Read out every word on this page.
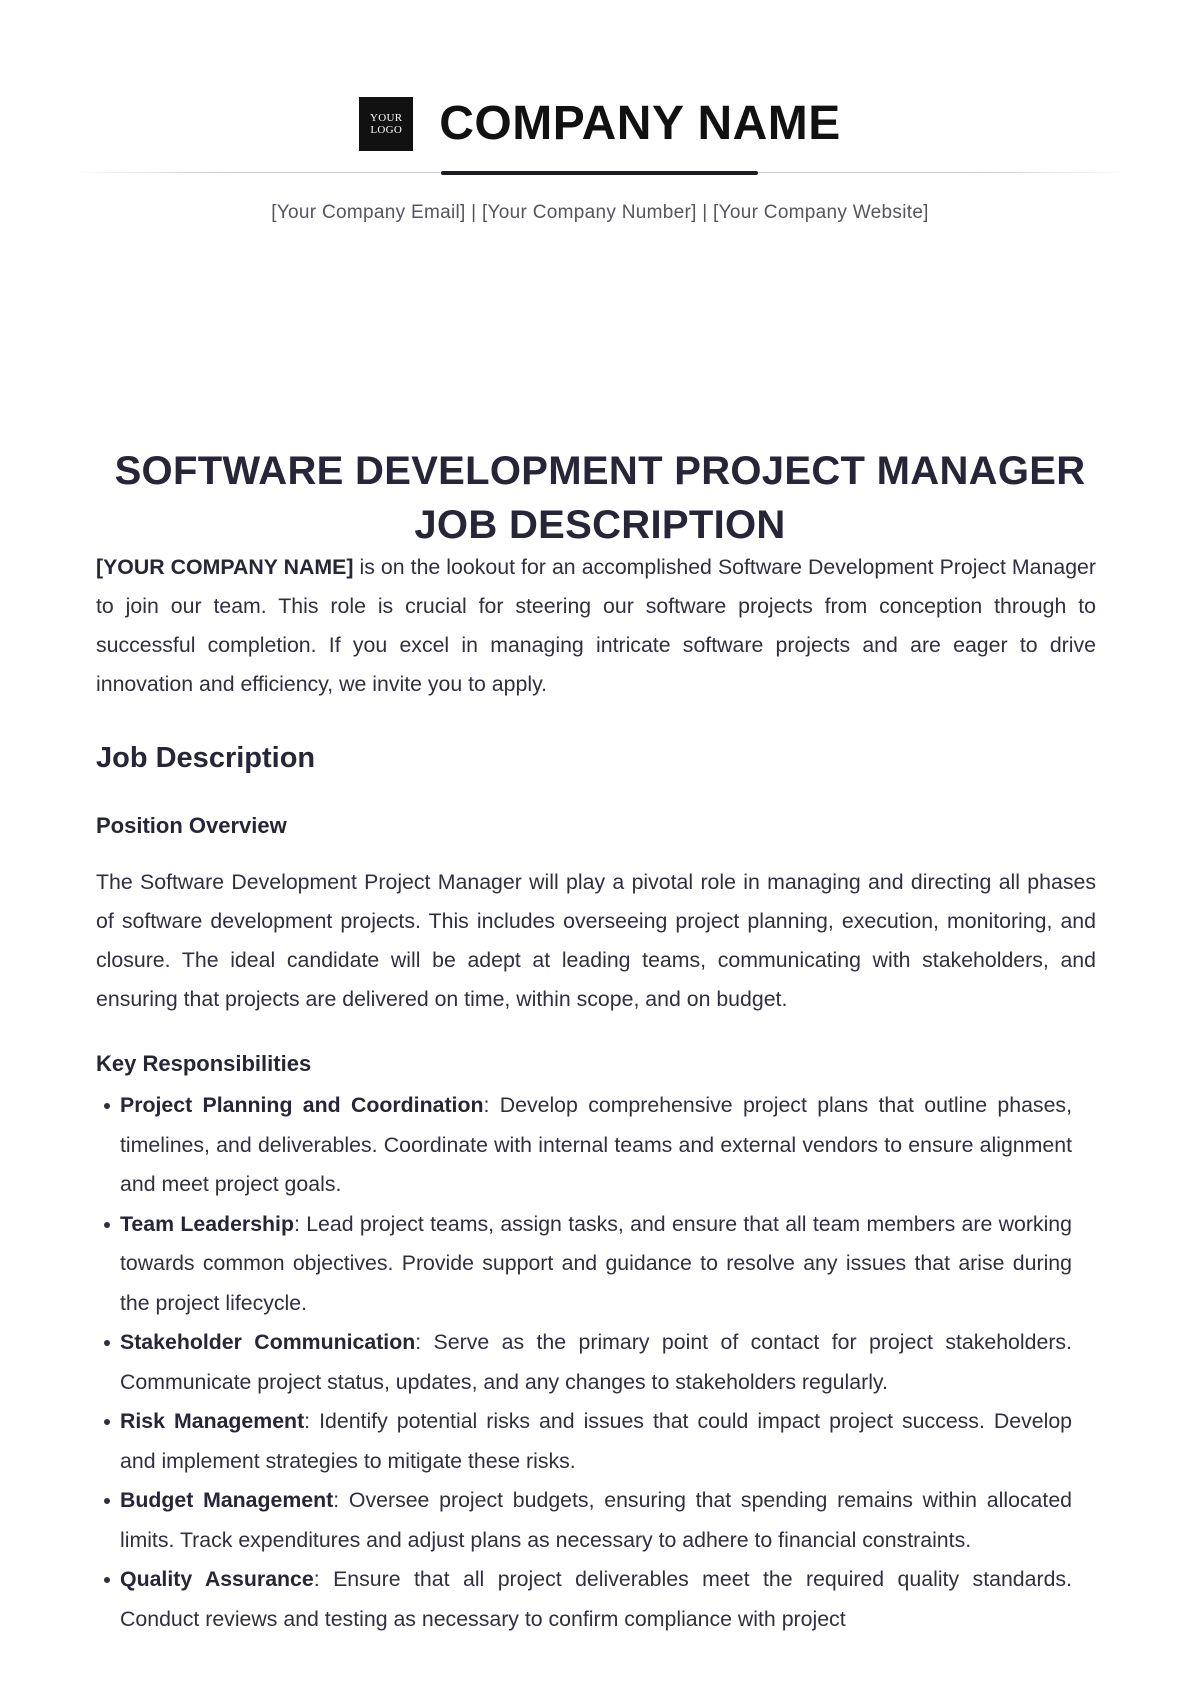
YOUR
LOGO COMPANY NAME
[Your Company Email] | [Your Company Number] | [Your Company Website]
SOFTWARE DEVELOPMENT PROJECT MANAGER JOB DESCRIPTION

[YOUR COMPANY NAME] is on the lookout for an accomplished Software Development Project Manager to join our team. This role is crucial for steering our software projects from conception through to successful completion. If you excel in managing intricate software projects and are eager to drive innovation and efficiency, we invite you to apply.

Job Description
Position Overview

The Software Development Project Manager will play a pivotal role in managing and directing all phases of software development projects. This includes overseeing project planning, execution, monitoring, and closure. The ideal candidate will be adept at leading teams, communicating with stakeholders, and ensuring that projects are delivered on time, within scope, and on budget.

Key Responsibilities
Project Planning and Coordination: Develop comprehensive project plans that outline phases, timelines, and deliverables. Coordinate with internal teams and external vendors to ensure alignment and meet project goals.
Team Leadership: Lead project teams, assign tasks, and ensure that all team members are working towards common objectives. Provide support and guidance to resolve any issues that arise during the project lifecycle.
Stakeholder Communication: Serve as the primary point of contact for project stakeholders. Communicate project status, updates, and any changes to stakeholders regularly.
Risk Management: Identify potential risks and issues that could impact project success. Develop and implement strategies to mitigate these risks.
Budget Management: Oversee project budgets, ensuring that spending remains within allocated limits. Track expenditures and adjust plans as necessary to adhere to financial constraints.
Quality Assurance: Ensure that all project deliverables meet the required quality standards. Conduct reviews and testing as necessary to confirm compliance with project
